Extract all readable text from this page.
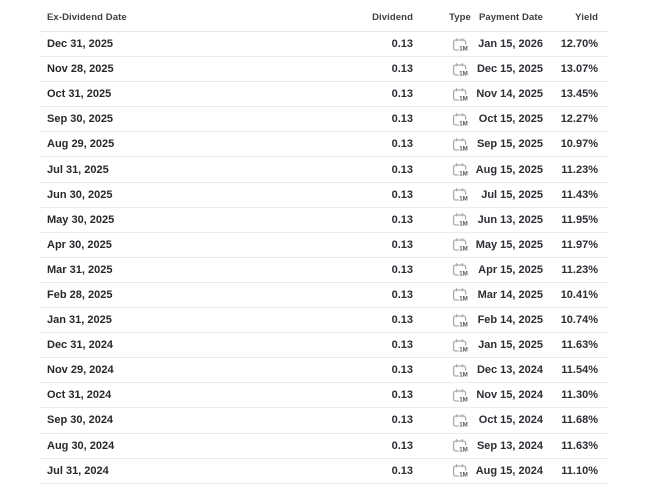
Ex-Dividend Date	Dividend	Type Payment Date	Yield
Dec 31, 2025	0.13	1M Jan 15, 2026	12.70%
Nov 28, 2025	0.13	1M Dec 15, 2025	13.07%
Oct 31, 2025	0.13	1M Nov 14, 2025	13.45%
Sep 30, 2025	0.13	1M Oct 15, 2025	12.27%
Aug 29, 2025	0.13	1M Sep 15, 2025	10.97%
Jul 31, 2025	0.13	1M Aug 15, 2025	11.23%
Jun 30, 2025	0.13	1M Jul 15, 2025	11.43%
May 30, 2025	0.13	1M Jun 13, 2025	11.95%
Apr 30, 2025	0.13	1M May 15, 2025	11.97%
Mar 31, 2025	0.13	1M Apr 15, 2025	11.23%
Feb 28, 2025	0.13	1M Mar 14, 2025	10.41%
Jan 31, 2025	0.13	1M Feb 14, 2025	10.74%
Dec 31, 2024	0.13	1M Jan 15, 2025	11.63%
Nov 29, 2024	0.13	1M Dec 13, 2024	11.54%
Oct 31, 2024	0.13	1M Nov 15, 2024	11.30%
Sep 30, 2024	0.13	1M Oct 15, 2024	11.68%
Aug 30, 2024	0.13	1M Sep 13, 2024	11.63%
Jul 31, 2024	0.13	1M Aug 15, 2024	11.10%
